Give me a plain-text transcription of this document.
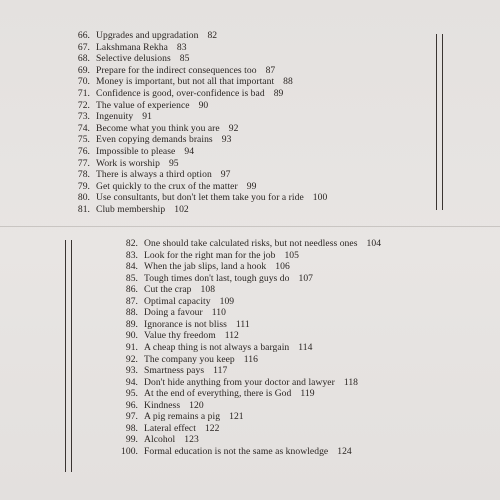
66. Upgrades and upgradation 82
67. Lakshmana Rekha 83
68. Selective delusions 85
69. Prepare for the indirect consequences too 87
70. Money is important, but not all that important 88
71. Confidence is good, over-confidence is bad 89
72. The value of experience 90
73. Ingenuity 91
74. Become what you think you are 92
75. Even copying demands brains 93
76. Impossible to please 94
77. Work is worship 95
78. There is always a third option 97
79. Get quickly to the crux of the matter 99
80. Use consultants, but don't let them take you for a ride 100
81. Club membership 102
82. One should take calculated risks, but not needless ones 104
83. Look for the right man for the job 105
84. When the jab slips, land a hook 106
85. Tough times don't last, tough guys do 107
86. Cut the crap 108
87. Optimal capacity 109
88. Doing a favour 110
89. Ignorance is not bliss 111
90. Value thy freedom 112
91. A cheap thing is not always a bargain 114
92. The company you keep 116
93. Smartness pays 117
94. Don't hide anything from your doctor and lawyer 118
95. At the end of everything, there is God 119
96. Kindness 120
97. A pig remains a pig 121
98. Lateral effect 122
99. Alcohol 123
100. Formal education is not the same as knowledge 124
